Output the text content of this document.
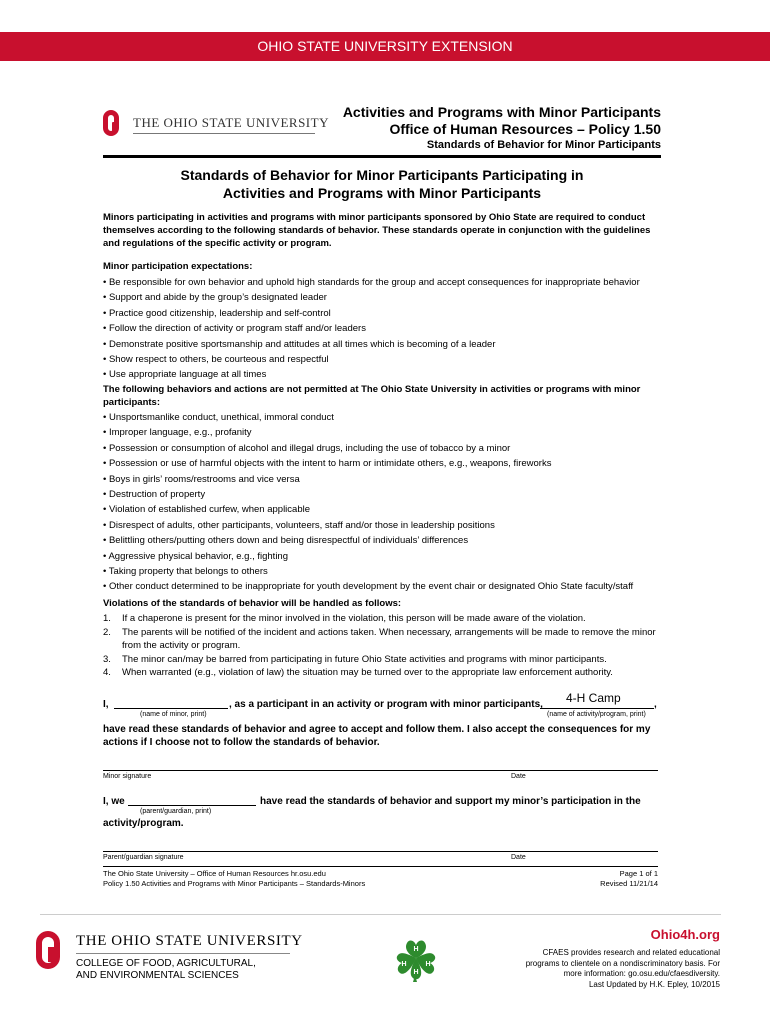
OHIO STATE UNIVERSITY EXTENSION
THE OHIO STATE UNIVERSITY
Activities and Programs with Minor Participants
Office of Human Resources – Policy 1.50
Standards of Behavior for Minor Participants
Standards of Behavior for Minor Participants Participating in
Activities and Programs with Minor Participants
Minors participating in activities and programs with minor participants sponsored by Ohio State are required to conduct themselves according to the following standards of behavior. These standards operate in conjunction with the guidelines and regulations of the specific activity or program.
Minor participation expectations:
• Be responsible for own behavior and uphold high standards for the group and accept consequences for inappropriate behavior
• Support and abide by the group’s designated leader
• Practice good citizenship, leadership and self-control
• Follow the direction of activity or program staff and/or leaders
• Demonstrate positive sportsmanship and attitudes at all times which is becoming of a leader
• Show respect to others, be courteous and respectful
• Use appropriate language at all times
The following behaviors and actions are not permitted at The Ohio State University in activities or programs with minor participants:
• Unsportsmanlike conduct, unethical, immoral conduct
• Improper language, e.g., profanity
• Possession or consumption of alcohol and illegal drugs, including the use of tobacco by a minor
• Possession or use of harmful objects with the intent to harm or intimidate others, e.g., weapons, fireworks
• Boys in girls’ rooms/restrooms and vice versa
• Destruction of property
• Violation of established curfew, when applicable
• Disrespect of adults, other participants, volunteers, staff and/or those in leadership positions
• Belittling others/putting others down and being disrespectful of individuals’ differences
• Aggressive physical behavior, e.g., fighting
• Taking property that belongs to others
• Other conduct determined to be inappropriate for youth development by the event chair or designated Ohio State faculty/staff
Violations of the standards of behavior will be handled as follows:
1. If a chaperone is present for the minor involved in the violation, this person will be made aware of the violation.
2. The parents will be notified of the incident and actions taken. When necessary, arrangements will be made to remove the minor from the activity or program.
3. The minor can/may be barred from participating in future Ohio State activities and programs with minor participants.
4. When warranted (e.g., violation of law) the situation may be turned over to the appropriate law enforcement authority.
I,	, as a participant in an activity or program with minor participants, 4-H Camp	,
(name of minor, print)	(name of activity/program, print)
have read these standards of behavior and agree to accept and follow them. I also accept the consequences for my actions if I choose not to follow the standards of behavior.
Minor signature	Date
I, we	have read the standards of behavior and support my minor’s participation in the
(parent/guardian, print)
activity/program.
Parent/guardian signature	Date
The Ohio State University – Office of Human Resources hr.osu.edu
Policy 1.50 Activities and Programs with Minor Participants – Standards-Minors
Page 1 of 1
Revised 11/21/14
THE OHIO STATE UNIVERSITY
COLLEGE OF FOOD, AGRICULTURAL,
AND ENVIRONMENTAL SCIENCES
H
H
H
H
Ohio4h.org
CFAES provides research and related educational
programs to clientele on a nondiscriminatory basis. For
more information: go.osu.edu/cfaesdiversity.
Last Updated by H.K. Epley, 10/2015
